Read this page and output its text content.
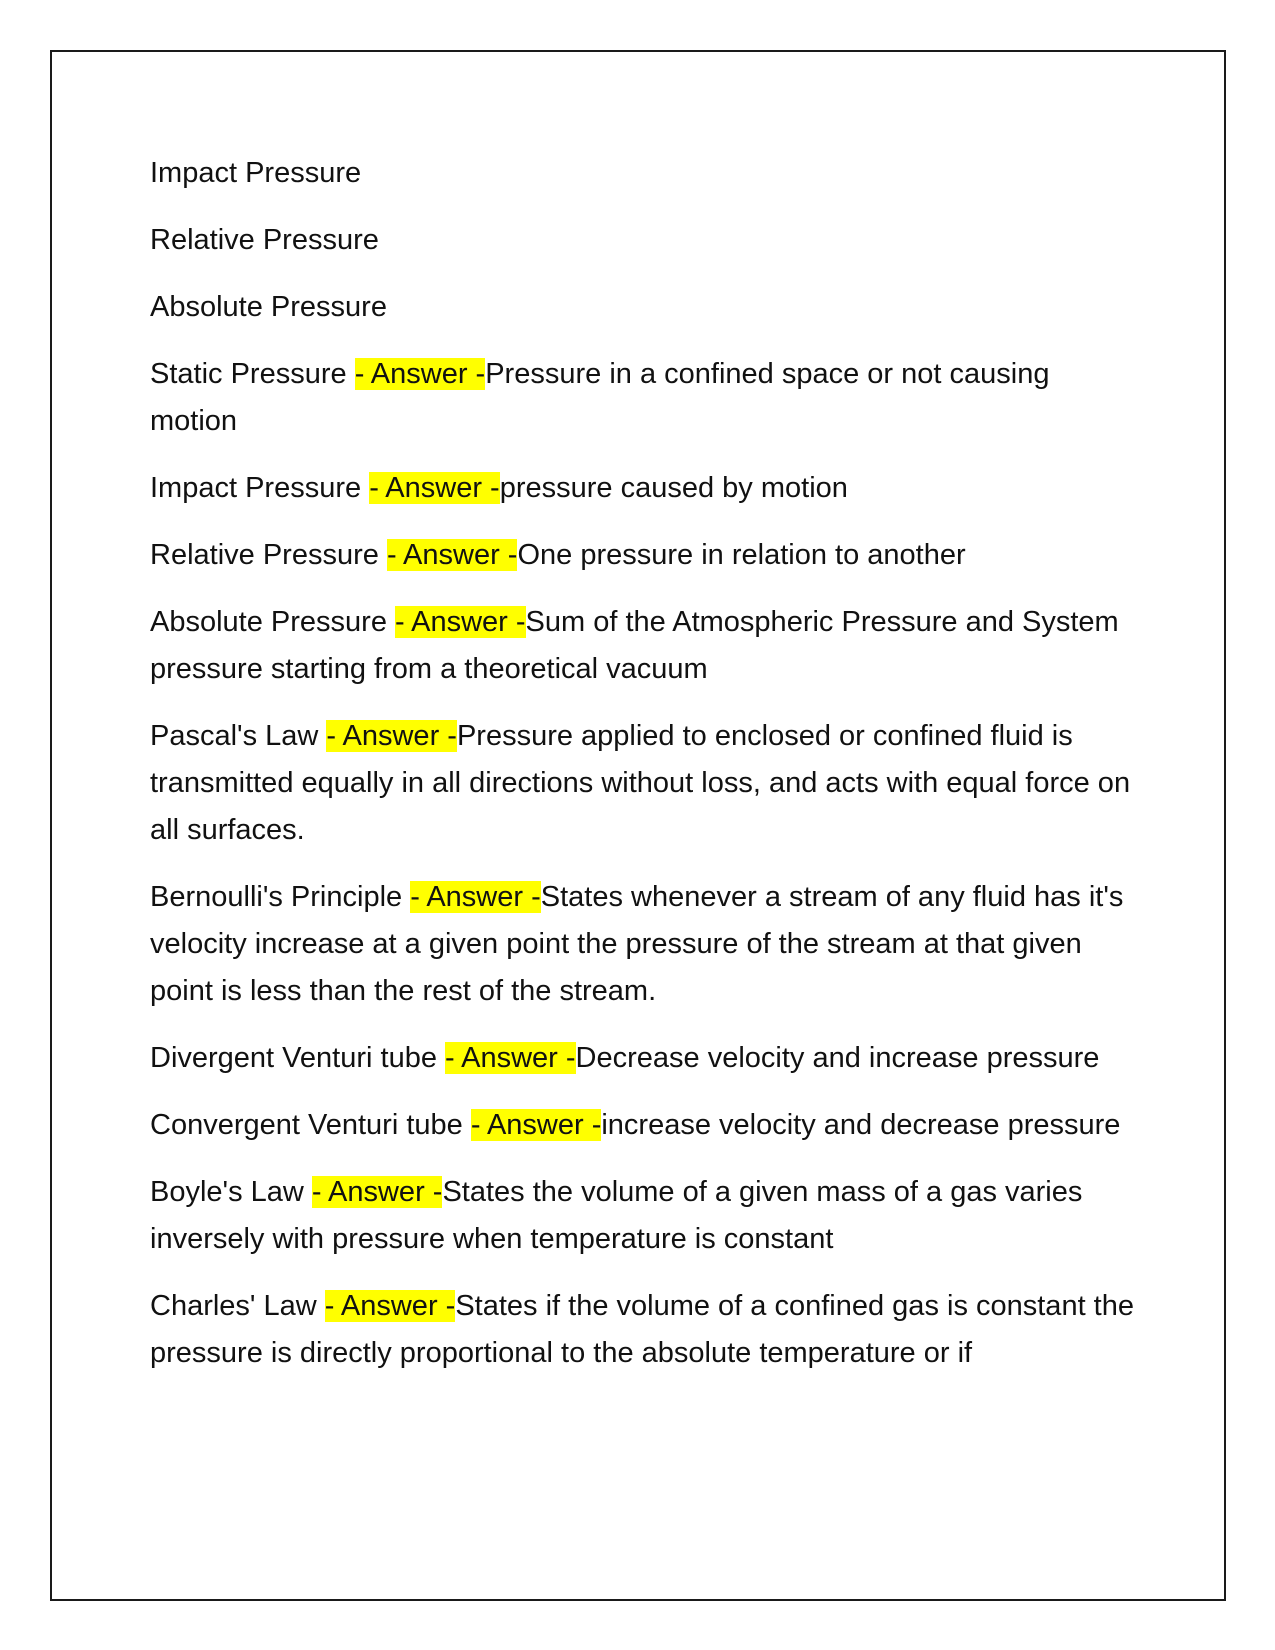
Impact Pressure

Relative Pressure

Absolute Pressure

Static Pressure - Answer -Pressure in a confined space or not causing motion

Impact Pressure - Answer -pressure caused by motion

Relative Pressure - Answer -One pressure in relation to another

Absolute Pressure - Answer -Sum of the Atmospheric Pressure and System pressure starting from a theoretical vacuum

Pascal's Law - Answer -Pressure applied to enclosed or confined fluid is transmitted equally in all directions without loss, and acts with equal force on all surfaces.

Bernoulli's Principle - Answer -States whenever a stream of any fluid has it's velocity increase at a given point the pressure of the stream at that given point is less than the rest of the stream.

Divergent Venturi tube - Answer -Decrease velocity and increase pressure

Convergent Venturi tube - Answer -increase velocity and decrease pressure

Boyle's Law - Answer -States the volume of a given mass of a gas varies inversely with pressure when temperature is constant

Charles' Law - Answer -States if the volume of a confined gas is constant the pressure is directly proportional to the absolute temperature or if
